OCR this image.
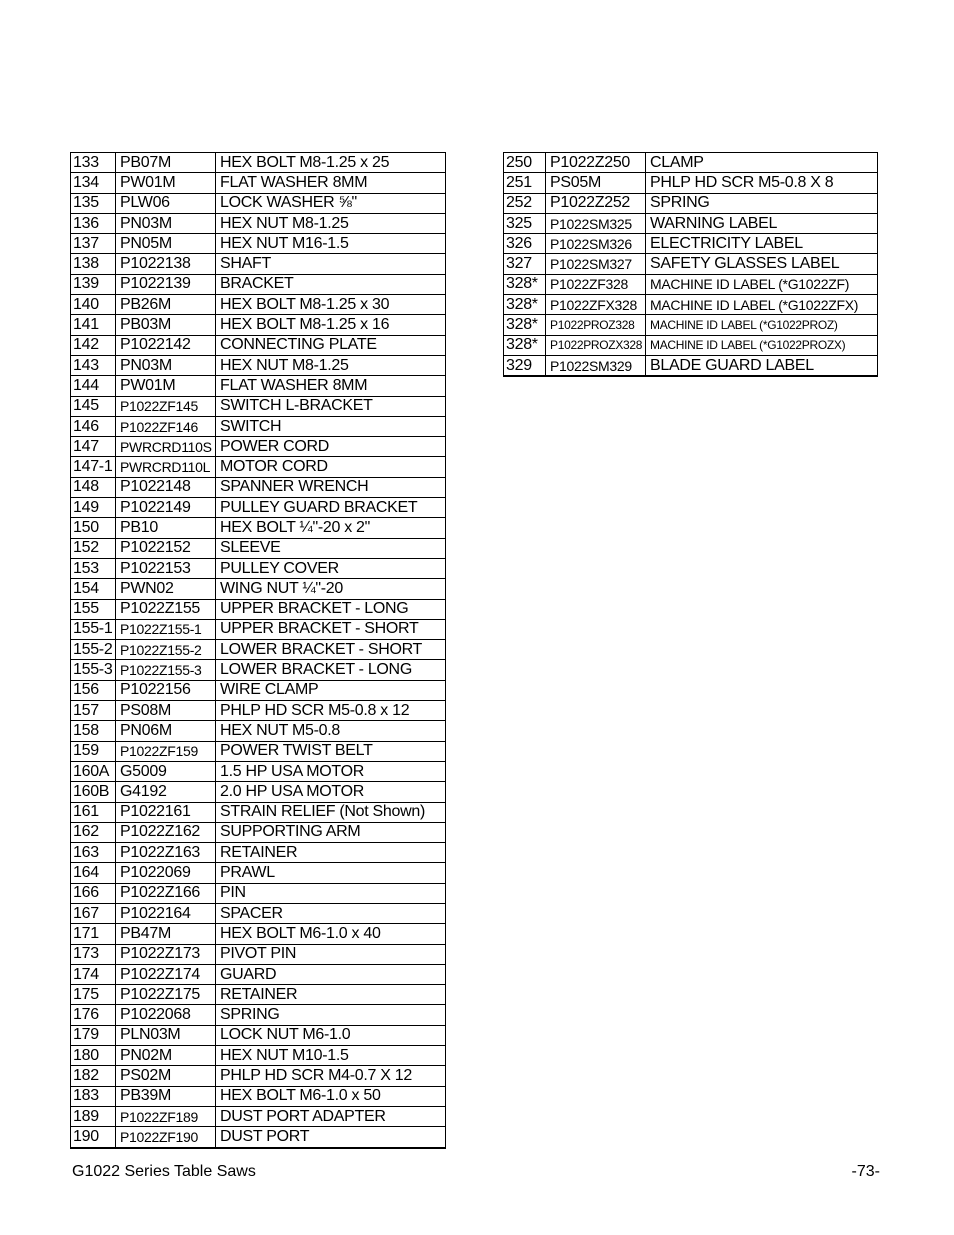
133	PB07M	HEX BOLT M8-1.25 x 25
134	PW01M	FLAT WASHER 8MM
135	PLW06	LOCK WASHER ⅝"
136	PN03M	HEX NUT M8-1.25
137	PN05M	HEX NUT M16-1.5
138	P1022138	SHAFT
139	P1022139	BRACKET
140	PB26M	HEX BOLT M8-1.25 x 30
141	PB03M	HEX BOLT M8-1.25 x 16
142	P1022142	CONNECTING PLATE
143	PN03M	HEX NUT M8-1.25
144	PW01M	FLAT WASHER 8MM
145	P1022ZF145	SWITCH L-BRACKET
146	P1022ZF146	SWITCH
147	PWRCRD110S	POWER CORD
147-1	PWRCRD110L	MOTOR CORD
148	P1022148	SPANNER WRENCH
149	P1022149	PULLEY GUARD BRACKET
150	PB10	HEX BOLT ¼"-20 x 2"
152	P1022152	SLEEVE
153	P1022153	PULLEY COVER
154	PWN02	WING NUT ¼"-20
155	P1022Z155	UPPER BRACKET - LONG
155-1	P1022Z155-1	UPPER BRACKET - SHORT
155-2	P1022Z155-2	LOWER BRACKET - SHORT
155-3	P1022Z155-3	LOWER BRACKET - LONG
156	P1022156	WIRE CLAMP
157	PS08M	PHLP HD SCR M5-0.8 x 12
158	PN06M	HEX NUT M5-0.8
159	P1022ZF159	POWER TWIST BELT
160A	G5009	1.5 HP USA MOTOR
160B	G4192	2.0 HP USA MOTOR
161	P1022161	STRAIN RELIEF (Not Shown)
162	P1022Z162	SUPPORTING ARM
163	P1022Z163	RETAINER
164	P1022069	PRAWL
166	P1022Z166	PIN
167	P1022164	SPACER
171	PB47M	HEX BOLT M6-1.0 x 40
173	P1022Z173	PIVOT PIN
174	P1022Z174	GUARD
175	P1022Z175	RETAINER
176	P1022068	SPRING
179	PLN03M	LOCK NUT M6-1.0
180	PN02M	HEX NUT M10-1.5
182	PS02M	PHLP HD SCR M4-0.7 X 12
183	PB39M	HEX BOLT M6-1.0 x 50
189	P1022ZF189	DUST PORT ADAPTER
190	P1022ZF190	DUST PORT
250	P1022Z250	CLAMP
251	PS05M	PHLP HD SCR M5-0.8 X 8
252	P1022Z252	SPRING
325	P1022SM325	WARNING LABEL
326	P1022SM326	ELECTRICITY LABEL
327	P1022SM327	SAFETY GLASSES LABEL
328*	P1022ZF328	MACHINE ID LABEL (*G1022ZF)
328*	P1022ZFX328	MACHINE ID LABEL (*G1022ZFX)
328*	P1022PROZ328	MACHINE ID LABEL (*G1022PROZ)
328*	P1022PROZX328	MACHINE ID LABEL (*G1022PROZX)
329	P1022SM329	BLADE GUARD LABEL
G1022 Series Table Saws	-73-
